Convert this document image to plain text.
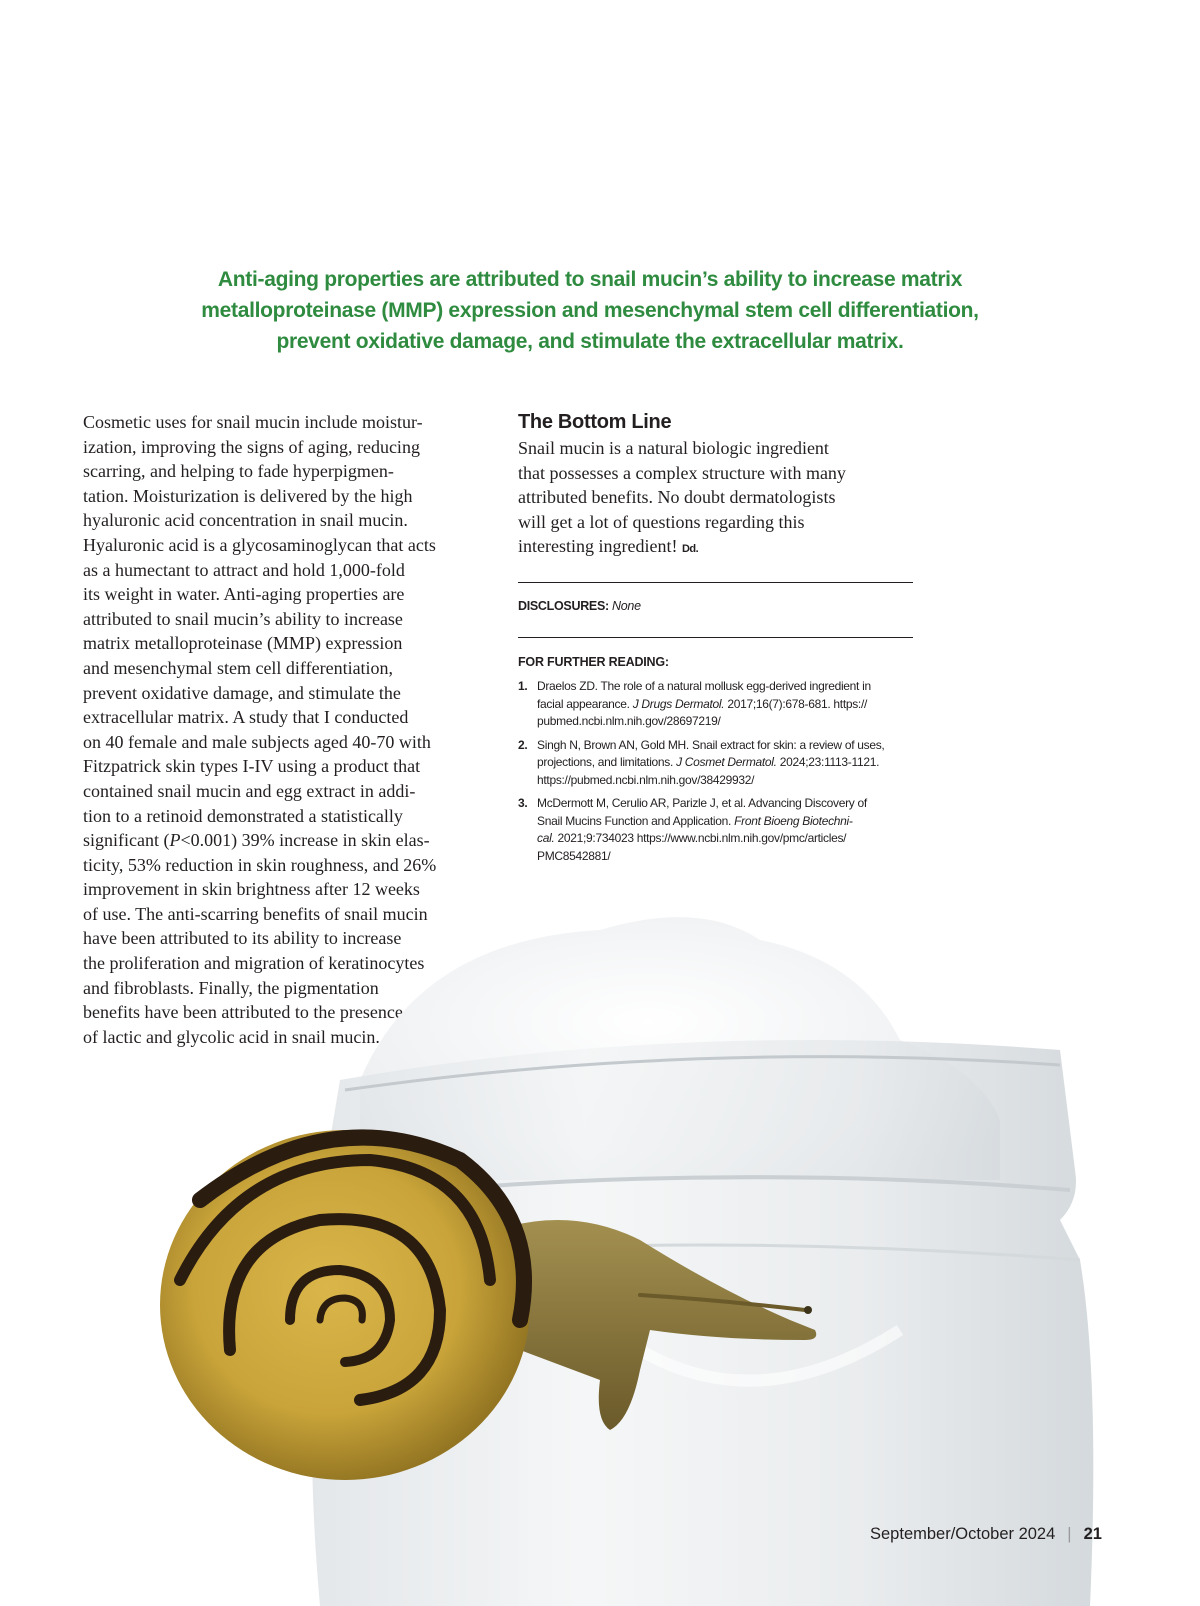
Anti-aging properties are attributed to snail mucin’s ability to increase matrix
metalloproteinase (MMP) expression and mesenchymal stem cell differentiation,
prevent oxidative damage, and stimulate the extracellular matrix.
Cosmetic uses for snail mucin include moistur-
ization, improving the signs of aging, reducing
scarring, and helping to fade hyperpigmen-
tation. Moisturization is delivered by the high
hyaluronic acid concentration in snail mucin.
Hyaluronic acid is a glycosaminoglycan that acts
as a humectant to attract and hold 1,000-fold
its weight in water. Anti-aging properties are
attributed to snail mucin’s ability to increase
matrix metalloproteinase (MMP) expression
and mesenchymal stem cell differentiation,
prevent oxidative damage, and stimulate the
extracellular matrix. A study that I conducted
on 40 female and male subjects aged 40-70 with
Fitzpatrick skin types I-IV using a product that
contained snail mucin and egg extract in addi-
tion to a retinoid demonstrated a statistically
significant (P<0.001) 39% increase in skin elas-
ticity, 53% reduction in skin roughness, and 26%
improvement in skin brightness after 12 weeks
of use. The anti-scarring benefits of snail mucin
have been attributed to its ability to increase
the proliferation and migration of keratinocytes
and fibroblasts. Finally, the pigmentation
benefits have been attributed to the presence
of lactic and glycolic acid in snail mucin.
The Bottom Line
Snail mucin is a natural biologic ingredient
that possesses a complex structure with many
attributed benefits. No doubt dermatologists
will get a lot of questions regarding this
interesting ingredient! Dd.
DISCLOSURES: None
FOR FURTHER READING:
1. Draelos ZD. The role of a natural mollusk egg-derived ingredient in
facial appearance. J Drugs Dermatol. 2017;16(7):678-681. https://
pubmed.ncbi.nlm.nih.gov/28697219/
2. Singh N, Brown AN, Gold MH. Snail extract for skin: a review of uses,
projections, and limitations. J Cosmet Dermatol. 2024;23:1113-1121.
https://pubmed.ncbi.nlm.nih.gov/38429932/
3. McDermott M, Cerulio AR, Parizle J, et al. Advancing Discovery of
Snail Mucins Function and Application. Front Bioeng Biotechni-
cal. 2021;9:734023 https://www.ncbi.nlm.nih.gov/pmc/articles/
PMC8542881/
September/October 2024 | 21
